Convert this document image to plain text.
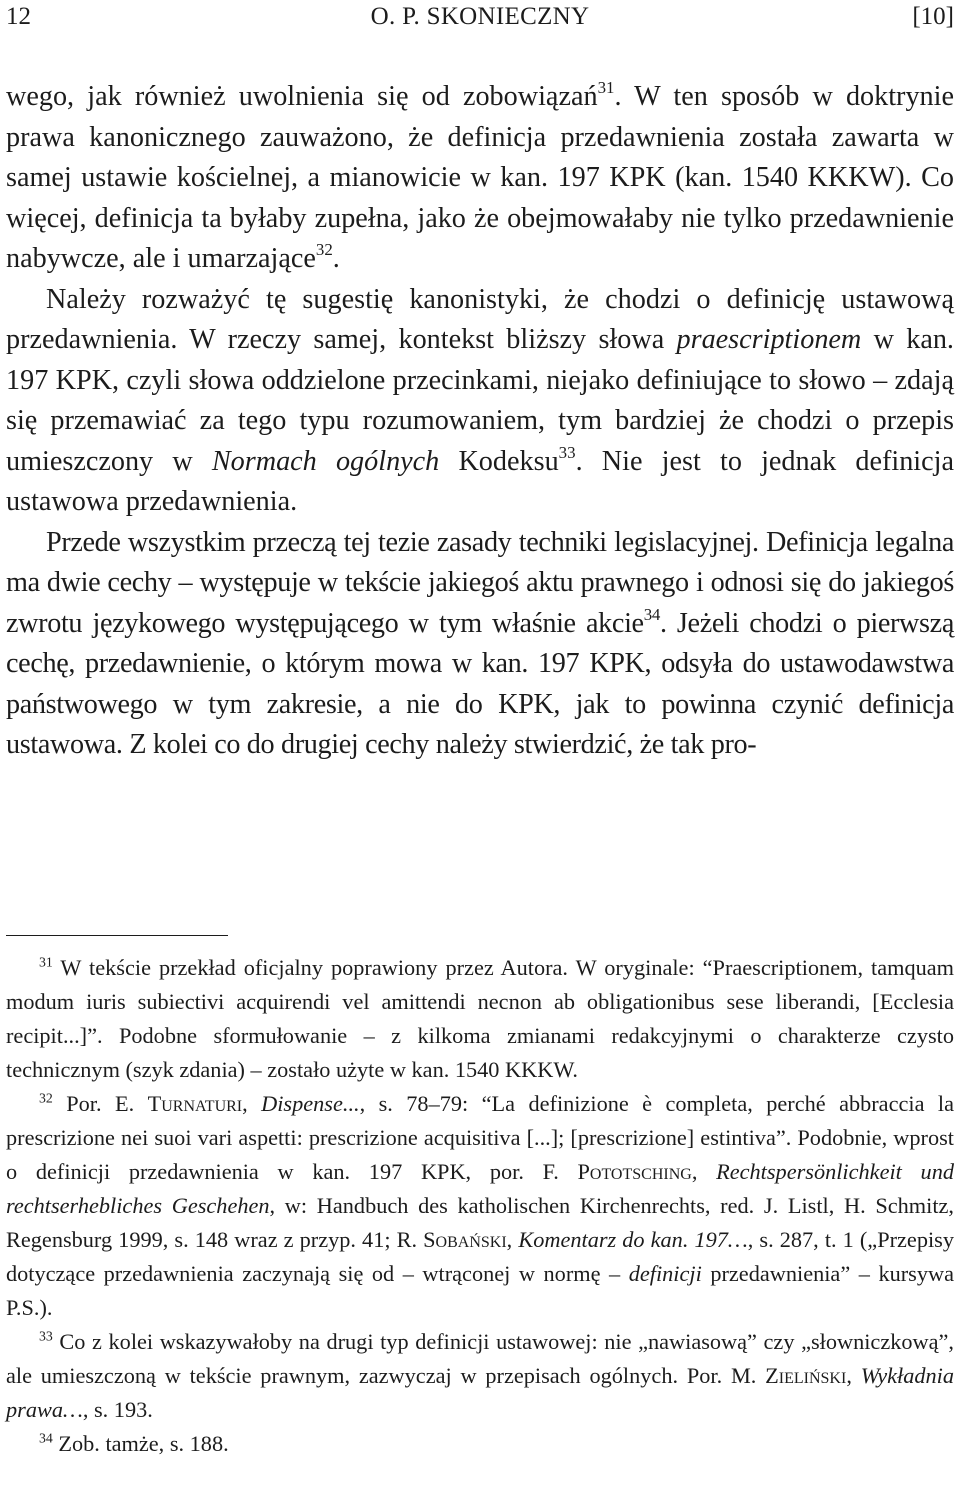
12	O. P. SKONIECZNY	[10]

wego, jak również uwolnienia się od zobowiązań$^{31}$. W ten sposób w doktrynie prawa kanonicznego zauważono, że definicja przedawnienia została zawarta w samej ustawie kościelnej, a mianowicie w kan. 197 KPK (kan. 1540 KKKW). Co więcej, definicja ta byłaby zupełna, jako że obejmowałaby nie tylko przedawnienie nabywcze, ale i umarzające$^{32}$.

Należy rozważyć tę sugestię kanonistyki, że chodzi o definicję ustawową przedawnienia. W rzeczy samej, kontekst bliższy słowa praescriptionem w kan. 197 KPK, czyli słowa oddzielone przecinkami, niejako definiujące to słowo – zdają się przemawiać za tego typu rozumowaniem, tym bardziej że chodzi o przepis umieszczony w Normach ogólnych Kodeksu$^{33}$. Nie jest to jednak definicja ustawowa przedawnienia.

Przede wszystkim przeczą tej tezie zasady techniki legislacyjnej. Definicja legalna ma dwie cechy – występuje w tekście jakiegoś aktu prawnego i odnosi się do jakiegoś zwrotu językowego występującego w tym właśnie akcie$^{34}$. Jeżeli chodzi o pierwszą cechę, przedawnienie, o którym mowa w kan. 197 KPK, odsyła do ustawodawstwa państwowego w tym zakresie, a nie do KPK, jak to powinna czynić definicja ustawowa. Z kolei co do drugiej cechy należy stwierdzić, że tak pro-

$^{31}$ W tekście przekład oficjalny poprawiony przez Autora. W oryginale: “Praescriptionem, tamquam modum iuris subiectivi acquirendi vel amittendi necnon ab obligationibus sese liberandi, [Ecclesia recipit...]”. Podobne sformułowanie – z kilkoma zmianami redakcyjnymi o charakterze czysto technicznym (szyk zdania) – zostało użyte w kan. 1540 KKKW.

$^{32}$ Por. E. Turnaturi, Dispense..., s. 78–79: “La definizione è completa, perché abbraccia la prescrizione nei suoi vari aspetti: prescrizione acquisitiva [...]; [prescrizione] estintiva”. Podobnie, wprost o definicji przedawnienia w kan. 197 KPK, por. F. Pototsching, Rechtspersönlichkeit und rechtserhebliches Geschehen, w: Handbuch des katholischen Kirchenrechts, red. J. Listl, H. Schmitz, Regensburg 1999, s. 148 wraz z przyp. 41; R. Sobański, Komentarz do kan. 197…, s. 287, t. 1 („Przepisy dotyczące przedawnienia zaczynają się od – wtrąconej w normę – definicji przedawnienia” – kursywa P.S.).

$^{33}$ Co z kolei wskazywałoby na drugi typ definicji ustawowej: nie „nawiasową” czy „słowniczkową”, ale umieszczoną w tekście prawnym, zazwyczaj w przepisach ogólnych. Por. M. Zieliński, Wykładnia prawa…, s. 193.

$^{34}$ Zob. tamże, s. 188.
